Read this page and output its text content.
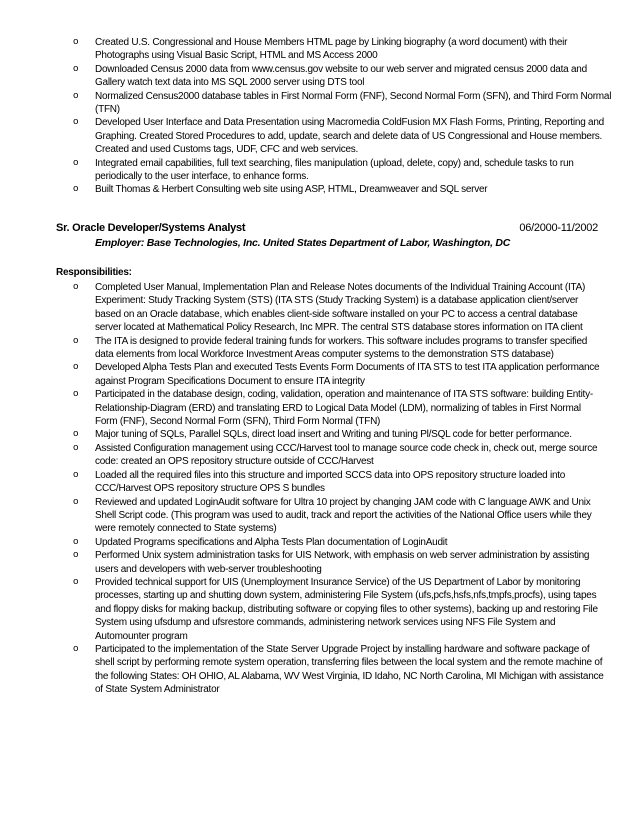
o Created U.S. Congressional and House Members HTML page by Linking biography (a word document) with their Photographs using Visual Basic Script, HTML and MS Access 2000
o Downloaded Census 2000 data from www.census.gov website to our web server and migrated census 2000 data and Gallery watch text data into MS SQL 2000 server using DTS tool
o Normalized Census2000 database tables in First Normal Form (FNF), Second Normal Form (SFN), and Third Form Normal (TFN)
o Developed User Interface and Data Presentation using Macromedia ColdFusion MX Flash Forms, Printing, Reporting and Graphing. Created Stored Procedures to add, update, search and delete data of US Congressional and House members. Created and used Customs tags, UDF, CFC and web services.
o Integrated email capabilities, full text searching, files manipulation (upload, delete, copy) and, schedule tasks to run periodically to the user interface, to enhance forms.
o Built Thomas & Herbert Consulting web site using ASP, HTML, Dreamweaver and SQL server
Sr. Oracle Developer/Systems Analyst	06/2000-11/2002
Employer: Base Technologies, Inc. United States Department of Labor, Washington, DC
Responsibilities:
o Completed User Manual, Implementation Plan and Release Notes documents of the Individual Training Account (ITA) Experiment: Study Tracking System (STS) (ITA STS (Study Tracking System) is a database application client/server based on an Oracle database, which enables client-side software installed on your PC to access a central database server located at Mathematical Policy Research, Inc MPR. The central STS database stores information on ITA client
o The ITA is designed to provide federal training funds for workers. This software includes programs to transfer specified data elements from local Workforce Investment Areas computer systems to the demonstration STS database)
o Developed Alpha Tests Plan and executed Tests Events Form Documents of ITA STS to test ITA application performance against Program Specifications Document to ensure ITA integrity
o Participated in the database design, coding, validation, operation and maintenance of ITA STS software: building Entity-Relationship-Diagram (ERD) and translating ERD to Logical Data Model (LDM), normalizing of tables in First Normal Form (FNF), Second Normal Form (SFN), Third Form Normal (TFN)
o Major tuning of SQLs, Parallel SQLs, direct load insert and Writing and tuning Pl/SQL code for better performance.
o Assisted Configuration management using CCC/Harvest tool to manage source code check in, check out, merge source code: created an OPS repository structure outside of CCC/Harvest
o Loaded all the required files into this structure and imported SCCS data into OPS repository structure loaded into CCC/Harvest OPS repository structure OPS S bundles
o Reviewed and updated LoginAudit software for Ultra 10 project by changing JAM code with C language AWK and Unix Shell Script code. (This program was used to audit, track and report the activities of the National Office users while they were remotely connected to State systems)
o Updated Programs specifications and Alpha Tests Plan documentation of LoginAudit
o Performed Unix system administration tasks for UIS Network, with emphasis on web server administration by assisting users and developers with web-server troubleshooting
o Provided technical support for UIS (Unemployment Insurance Service) of the US Department of Labor by monitoring processes, starting up and shutting down system, administering File System (ufs,pcfs,hsfs,nfs,tmpfs,procfs), using tapes and floppy disks for making backup, distributing software or copying files to other systems), backing up and restoring File System using ufsdump and ufsrestore commands, administering network services using NFS File System and Automounter program
o Participated to the implementation of the State Server Upgrade Project by installing hardware and software package of shell script by performing remote system operation, transferring files between the local system and the remote machine of the following States: OH OHIO, AL Alabama, WV West Virginia, ID Idaho, NC North Carolina, MI Michigan with assistance of State System Administrator
